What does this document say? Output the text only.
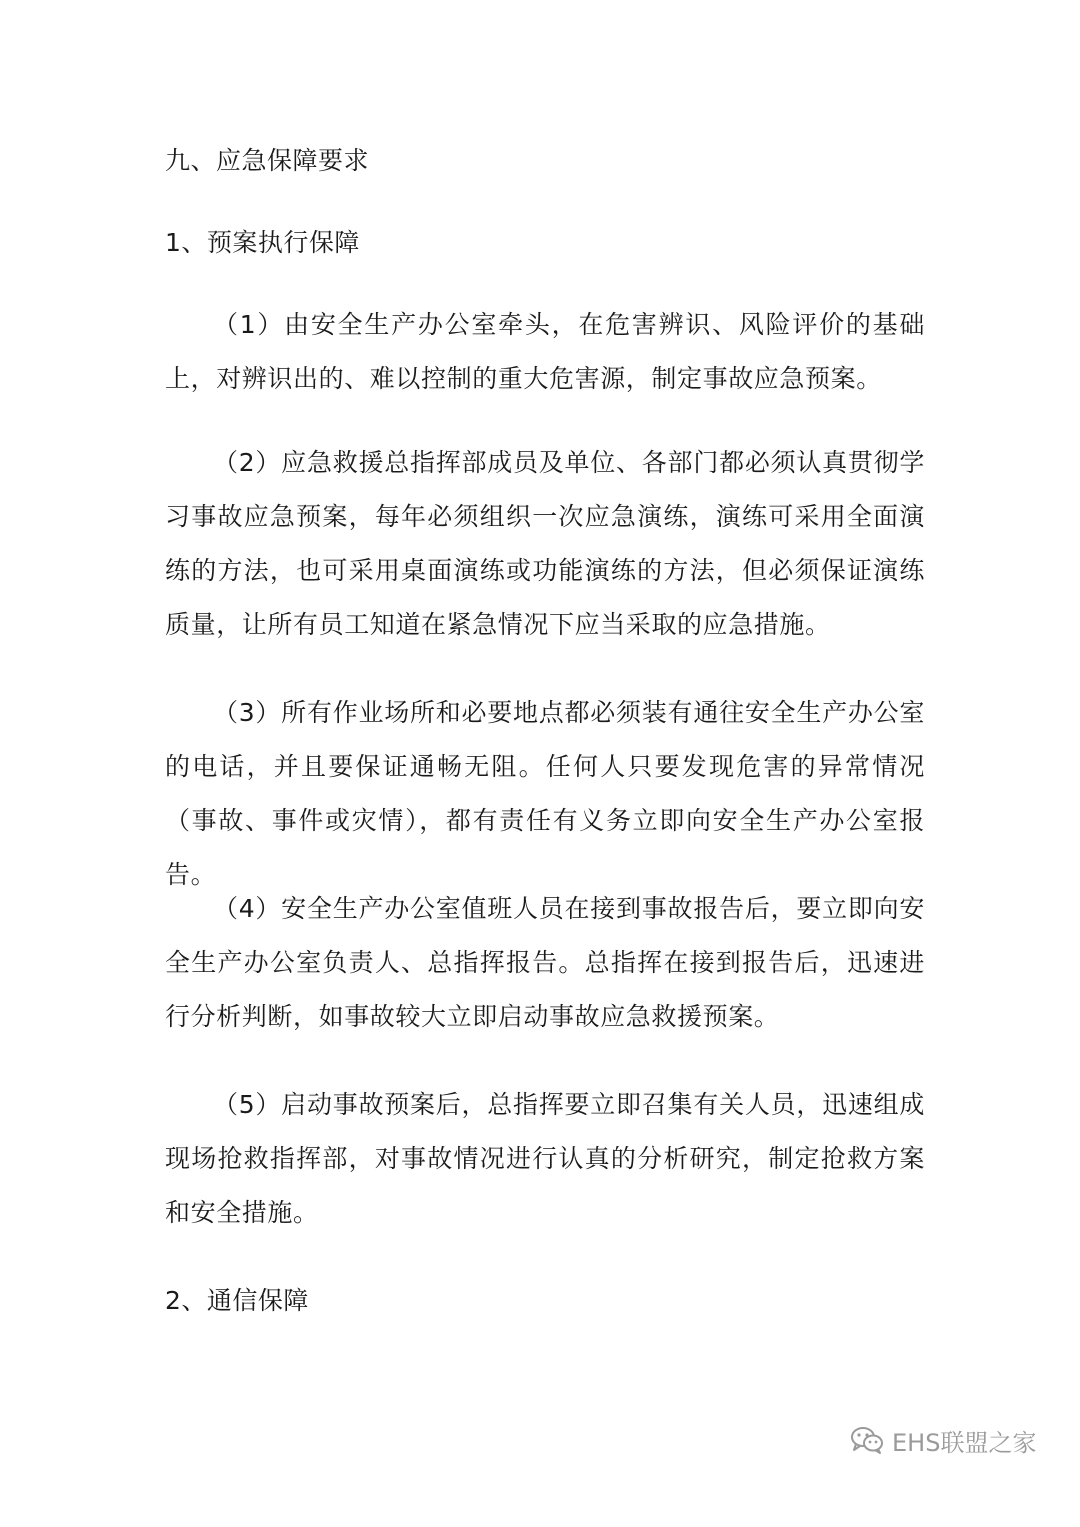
九、应急保障要求
1、预案执行保障

（1）由安全生产办公室牵头，在危害辨识、风险评价的基础上，对辨识出的、难以控制的重大危害源，制定事故应急预案。

（2）应急救援总指挥部成员及单位、各部门都必须认真贯彻学习事故应急预案，每年必须组织一次应急演练，演练可采用全面演练的方法，也可采用桌面演练或功能演练的方法，但必须保证演练质量，让所有员工知道在紧急情况下应当采取的应急措施。

（3）所有作业场所和必要地点都必须装有通往安全生产办公室的电话，并且要保证通畅无阻。任何人只要发现危害的异常情况（事故、事件或灾情），都有责任有义务立即向安全生产办公室报告。

（4）安全生产办公室值班人员在接到事故报告后，要立即向安全生产办公室负责人、总指挥报告。总指挥在接到报告后，迅速进行分析判断，如事故较大立即启动事故应急救援预案。

（5）启动事故预案后，总指挥要立即召集有关人员，迅速组成现场抢救指挥部，对事故情况进行认真的分析研究，制定抢救方案和安全措施。

2、通信保障
EHS联盟之家
